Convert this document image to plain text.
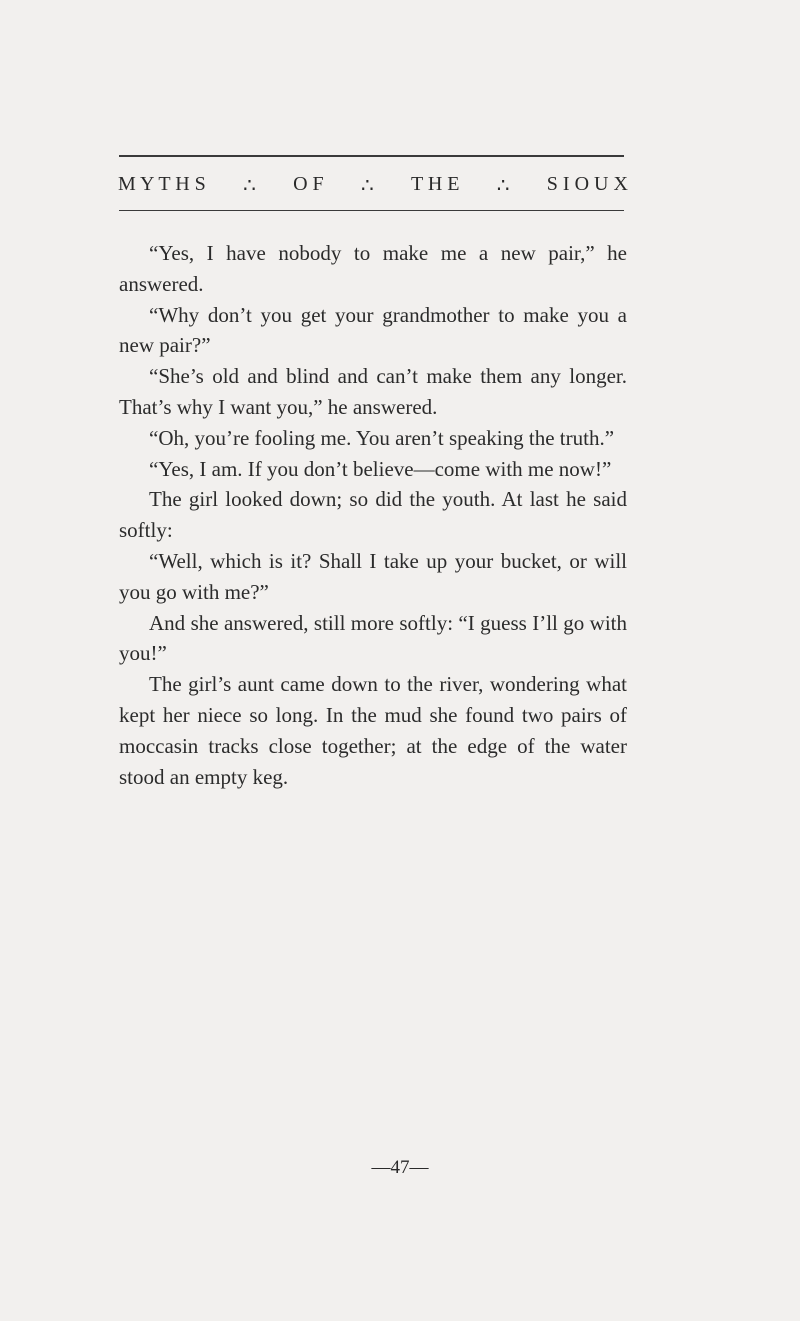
M Y T H S ∴ O F ∴ T H E ∴ S I O U X

“Yes, I have nobody to make me a new pair,” he answered.

“Why don’t you get your grandmother to make you a new pair?”

“She’s old and blind and can’t make them any longer. That’s why I want you,” he answered.

“Oh, you’re fooling me. You aren’t speaking the truth.”

“Yes, I am. If you don’t believe—come with me now!”

The girl looked down; so did the youth. At last he said softly:

“Well, which is it? Shall I take up your bucket, or will you go with me?”

And she answered, still more softly: “I guess I’ll go with you!”

The girl’s aunt came down to the river, wondering what kept her niece so long. In the mud she found two pairs of moccasin tracks close together; at the edge of the water stood an empty keg.

—47—
